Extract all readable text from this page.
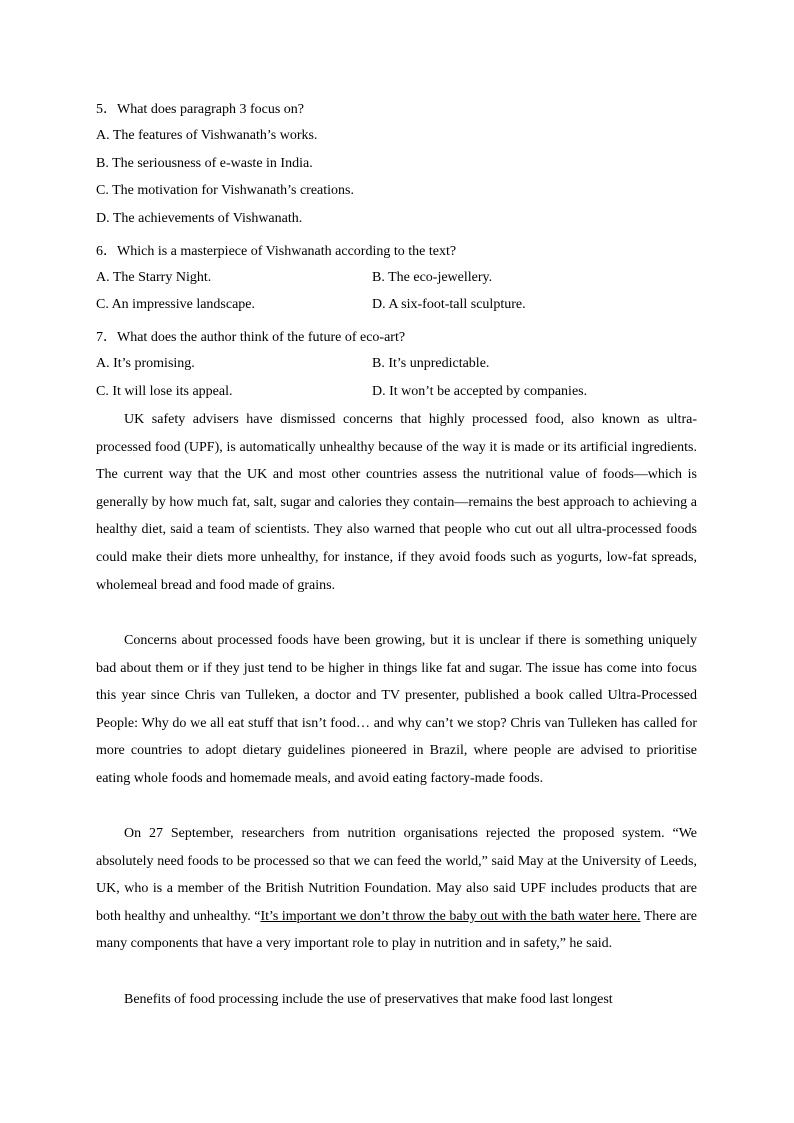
5．What does paragraph 3 focus on?
A. The features of Vishwanath’s works.
B. The seriousness of e-waste in India.
C. The motivation for Vishwanath’s creations.
D. The achievements of Vishwanath.
6．Which is a masterpiece of Vishwanath according to the text?
A. The Starry Night.	B. The eco-jewellery.
C. An impressive landscape.	D. A six-foot-tall sculpture.
7．What does the author think of the future of eco-art?
A. It’s promising.	B. It’s unpredictable.
C. It will lose its appeal.	D. It won’t be accepted by companies.
UK safety advisers have dismissed concerns that highly processed food, also known as ultra-processed food (UPF), is automatically unhealthy because of the way it is made or its artificial ingredients. The current way that the UK and most other countries assess the nutritional value of foods—which is generally by how much fat, salt, sugar and calories they contain—remains the best approach to achieving a healthy diet, said a team of scientists. They also warned that people who cut out all ultra-processed foods could make their diets more unhealthy, for instance, if they avoid foods such as yogurts, low-fat spreads, wholemeal bread and food made of grains.
Concerns about processed foods have been growing, but it is unclear if there is something uniquely bad about them or if they just tend to be higher in things like fat and sugar. The issue has come into focus this year since Chris van Tulleken, a doctor and TV presenter, published a book called Ultra-Processed People: Why do we all eat stuff that isn’t food… and why can’t we stop? Chris van Tulleken has called for more countries to adopt dietary guidelines pioneered in Brazil, where people are advised to prioritise eating whole foods and homemade meals, and avoid eating factory-made foods.
On 27 September, researchers from nutrition organisations rejected the proposed system. “We absolutely need foods to be processed so that we can feed the world,” said May at the University of Leeds, UK, who is a member of the British Nutrition Foundation. May also said UPF includes products that are both healthy and unhealthy. “It’s important we don’t throw the baby out with the bath water here. There are many components that have a very important role to play in nutrition and in safety,” he said.
Benefits of food processing include the use of preservatives that make food last longest
